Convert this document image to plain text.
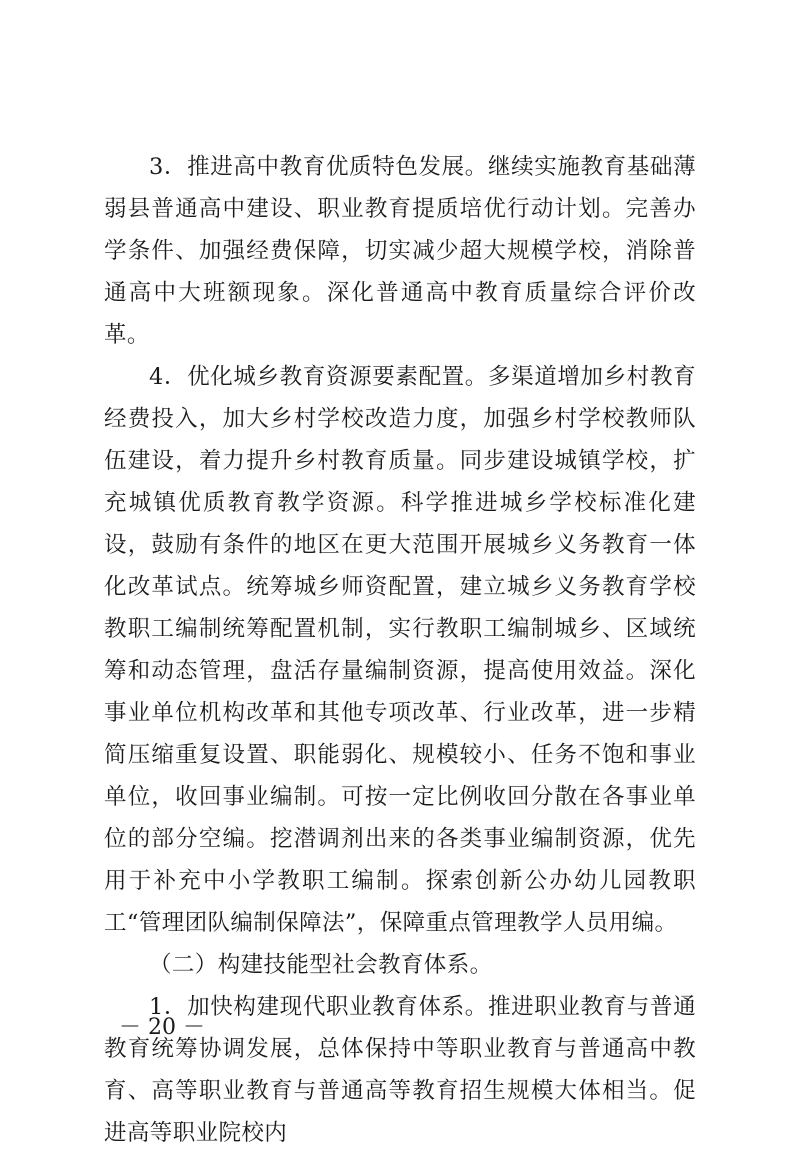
3．推进高中教育优质特色发展。继续实施教育基础薄弱县普通高中建设、职业教育提质培优行动计划。完善办学条件、加强经费保障，切实减少超大规模学校，消除普通高中大班额现象。深化普通高中教育质量综合评价改革。

4．优化城乡教育资源要素配置。多渠道增加乡村教育经费投入，加大乡村学校改造力度，加强乡村学校教师队伍建设，着力提升乡村教育质量。同步建设城镇学校，扩充城镇优质教育教学资源。科学推进城乡学校标准化建设，鼓励有条件的地区在更大范围开展城乡义务教育一体化改革试点。统筹城乡师资配置，建立城乡义务教育学校教职工编制统筹配置机制，实行教职工编制城乡、区域统筹和动态管理，盘活存量编制资源，提高使用效益。深化事业单位机构改革和其他专项改革、行业改革，进一步精简压缩重复设置、职能弱化、规模较小、任务不饱和事业单位，收回事业编制。可按一定比例收回分散在各事业单位的部分空编。挖潜调剂出来的各类事业编制资源，优先用于补充中小学教职工编制。探索创新公办幼儿园教职工“管理团队编制保障法”，保障重点管理教学人员用编。

（二）构建技能型社会教育体系。

1．加快构建现代职业教育体系。推进职业教育与普通教育统筹协调发展，总体保持中等职业教育与普通高中教育、高等职业教育与普通高等教育招生规模大体相当。促进高等职业院校内

－ 20 －
